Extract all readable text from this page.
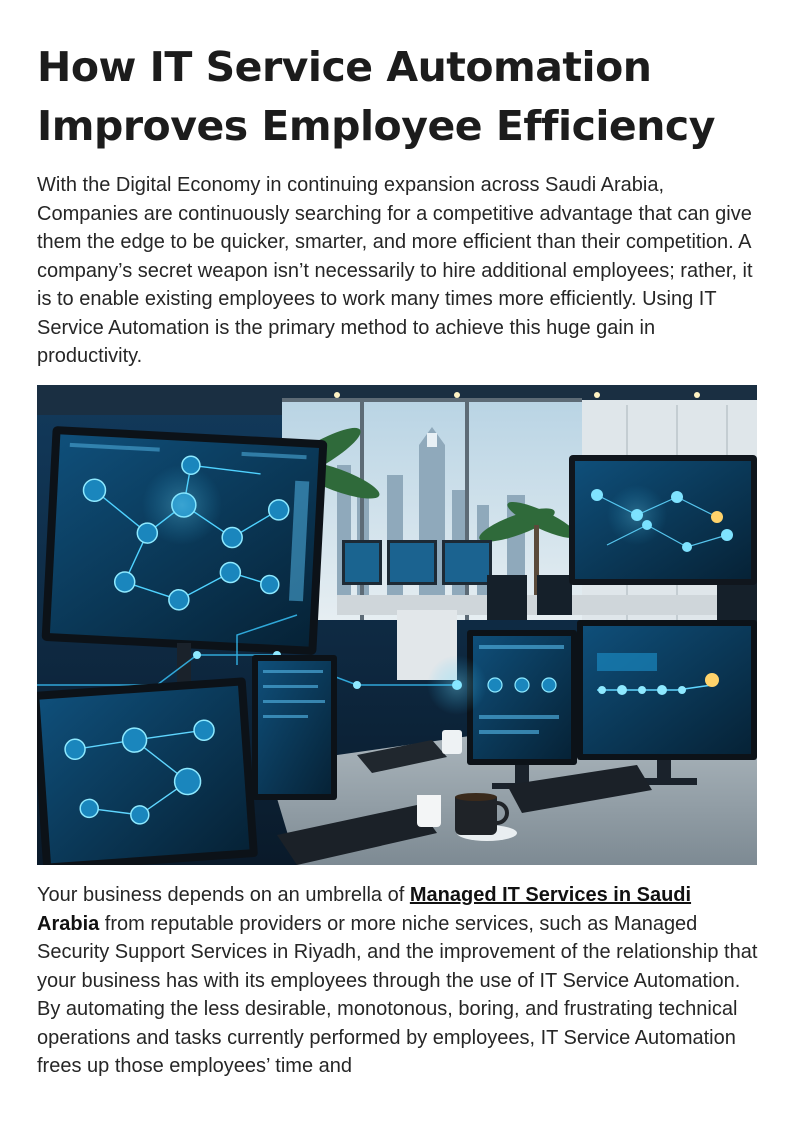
How IT Service Automation
Improves Employee Efficiency

With the Digital Economy in continuing expansion across Saudi Arabia, Companies are continuously searching for a competitive advantage that can give them the edge to be quicker, smarter, and more efficient than their competition. A company’s secret weapon isn’t necessarily to hire additional employees; rather, it is to enable existing employees to work many times more efficiently. Using IT Service Automation is the primary method to achieve this huge gain in productivity.

Your business depends on an umbrella of Managed IT Services in Saudi
Arabia from reputable providers or more niche services, such as Managed Security Support Services in Riyadh, and the improvement of the relationship that your business has with its employees through the use of IT Service Automation. By automating the less desirable, monotonous, boring, and frustrating technical operations and tasks currently performed by employees, IT Service Automation frees up those employees’ time and
